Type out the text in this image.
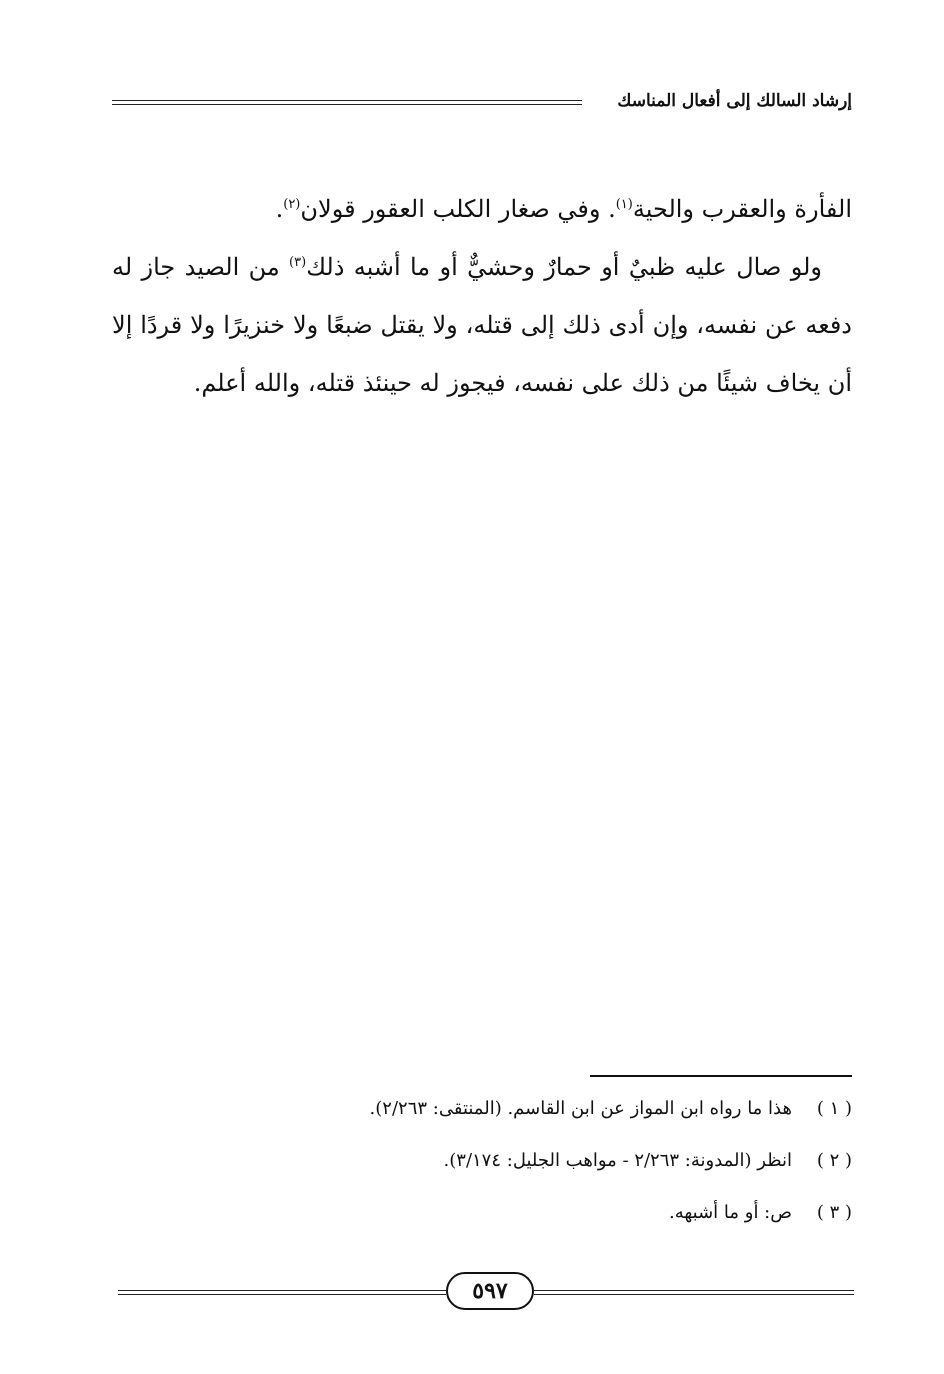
إرشاد السالك إلى أفعال المناسك

الفأرة والعقرب والحية$^{(١)}$. وفي صغار الكلب العقور قولان$^{(٢)}$.

ولو صال عليه ظبيٌ أو حمارٌ وحشيٌّ أو ما أشبه ذلك$^{(٣)}$ من الصيد جاز له دفعه عن نفسه، وإن أدى ذلك إلى قتله، ولا يقتل ضبعًا ولا خنزيرًا ولا قردًا إلا أن يخاف شيئًا من ذلك على نفسه، فيجوز له حينئذ قتله، والله أعلم.

( ١ )
هذا ما رواه ابن المواز عن ابن القاسم. (المنتقى: ٢/٢٦٣).
( ٢ )
انظر (المدونة: ٢/٢٦٣ - مواهب الجليل: ٣/١٧٤).
( ٣ )
ص: أو ما أشبهه.
٥٩٧
